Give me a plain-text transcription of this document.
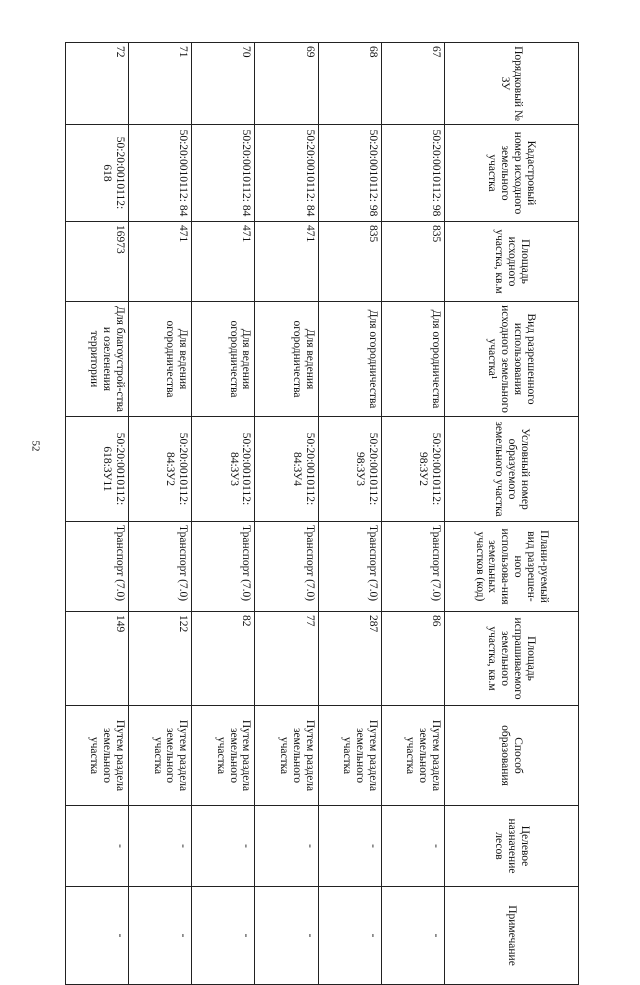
52
Порядковый № ЗУ	Кадастровый номер исходного земельного участка	Площадь исходного участка, кв.м	Вид разрешенного использования исходного земельного участка¹	Условный номер образуемого земельного участка	Плани-руемый вид разрешен-ного использова-ния земельных участков (код)	Площадь испрашиваемого земельного участка, кв.м	Способ образования	Целевое назначение лесов	Примечание
67	50:20:0010112: 98	835	Для огородничества	50:20:0010112: 98:ЗУ2	Транспорт (7.0)	86	Путем раздела земельного участка	-	-
68	50:20:0010112: 98	835	Для огородничества	50:20:0010112: 98:ЗУ3	Транспорт (7.0)	287	Путем раздела земельного участка	-	-
69	50:20:0010112: 84	471	Для ведения огородничества	50:20:0010112: 84:ЗУ4	Транспорт (7.0)	77	Путем раздела земельного участка	-	-
70	50:20:0010112: 84	471	Для ведения огородничества	50:20:0010112: 84:ЗУ3	Транспорт (7.0)	82	Путем раздела земельного участка	-	-
71	50:20:0010112: 84	471	Для ведения огородничества	50:20:0010112: 84:ЗУ2	Транспорт (7.0)	122	Путем раздела земельного участка	-	-
72	50:20:0010112: 618	16973	Для благоустрой-ства и озеленения территории	50:20:0010112: 618:ЗУ11	Транспорт (7.0)	149	Путем раздела земельного участка	-	-
